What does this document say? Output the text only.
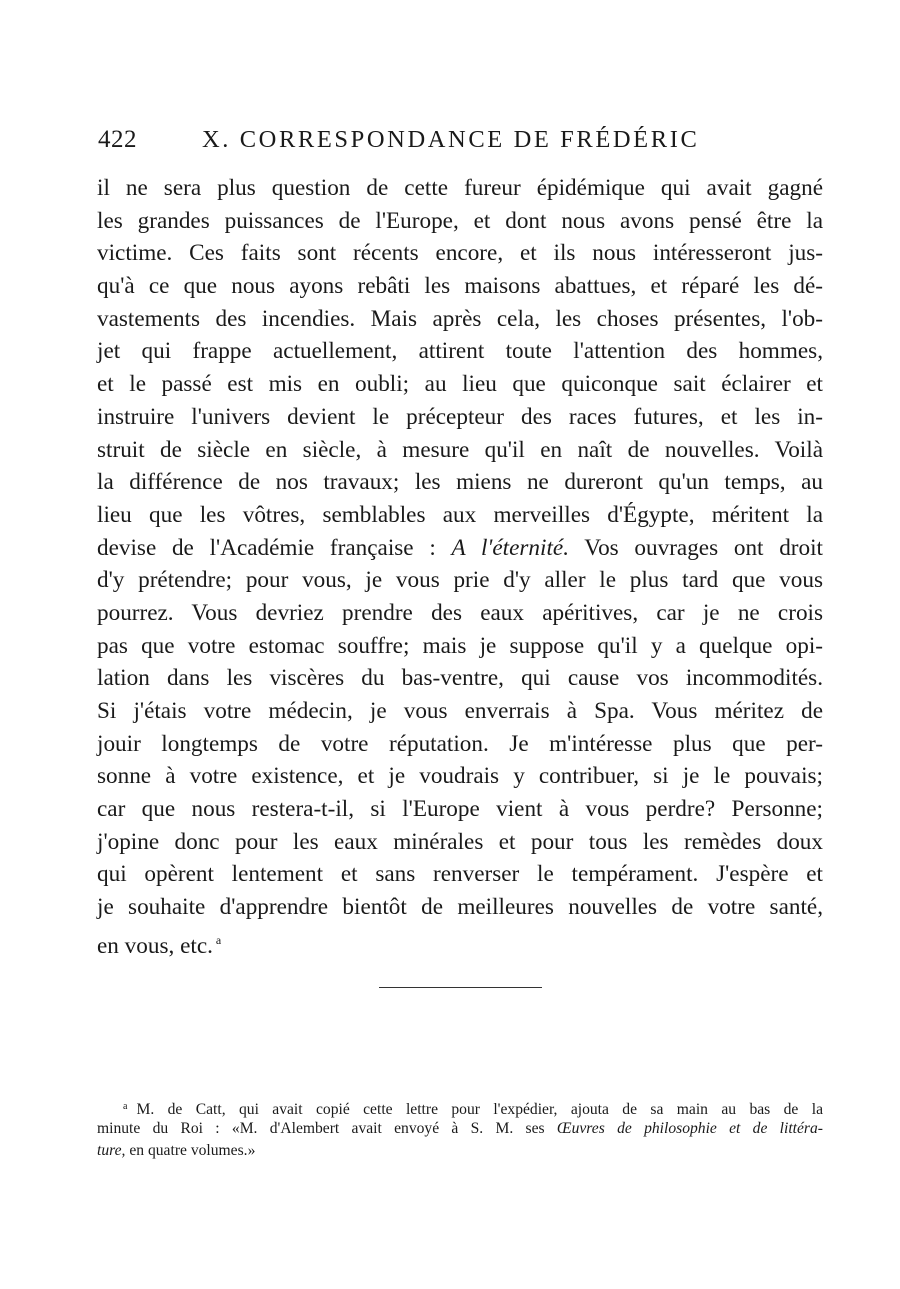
422	X. CORRESPONDANCE DE FRÉDÉRIC
il ne sera plus question de cette fureur épidémique qui avait gagné
les grandes puissances de l'Europe, et dont nous avons pensé être la
victime. Ces faits sont récents encore, et ils nous intéresseront jus-
qu'à ce que nous ayons rebâti les maisons abattues, et réparé les dé-
vastements des incendies. Mais après cela, les choses présentes, l'ob-
jet qui frappe actuellement, attirent toute l'attention des hommes,
et le passé est mis en oubli; au lieu que quiconque sait éclairer et
instruire l'univers devient le précepteur des races futures, et les in-
struit de siècle en siècle, à mesure qu'il en naît de nouvelles. Voilà
la différence de nos travaux; les miens ne dureront qu'un temps, au
lieu que les vôtres, semblables aux merveilles d'Égypte, méritent la
devise de l'Académie française : A l'éternité. Vos ouvrages ont droit
d'y prétendre; pour vous, je vous prie d'y aller le plus tard que vous
pourrez. Vous devriez prendre des eaux apéritives, car je ne crois
pas que votre estomac souffre; mais je suppose qu'il y a quelque opi-
lation dans les viscères du bas-ventre, qui cause vos incommodités.
Si j'étais votre médecin, je vous enverrais à Spa. Vous méritez de
jouir longtemps de votre réputation. Je m'intéresse plus que per-
sonne à votre existence, et je voudrais y contribuer, si je le pouvais;
car que nous restera-t-il, si l'Europe vient à vous perdre? Personne;
j'opine donc pour les eaux minérales et pour tous les remèdes doux
qui opèrent lentement et sans renverser le tempérament. J'espère et
je souhaite d'apprendre bientôt de meilleures nouvelles de votre santé,
en vous, etc. $^a$
$^a$ M. de Catt, qui avait copié cette lettre pour l'expédier, ajouta de sa main au bas de la
minute du Roi : «M. d'Alembert avait envoyé à S. M. ses Œuvres de philosophie et de littéra-
ture, en quatre volumes.»
